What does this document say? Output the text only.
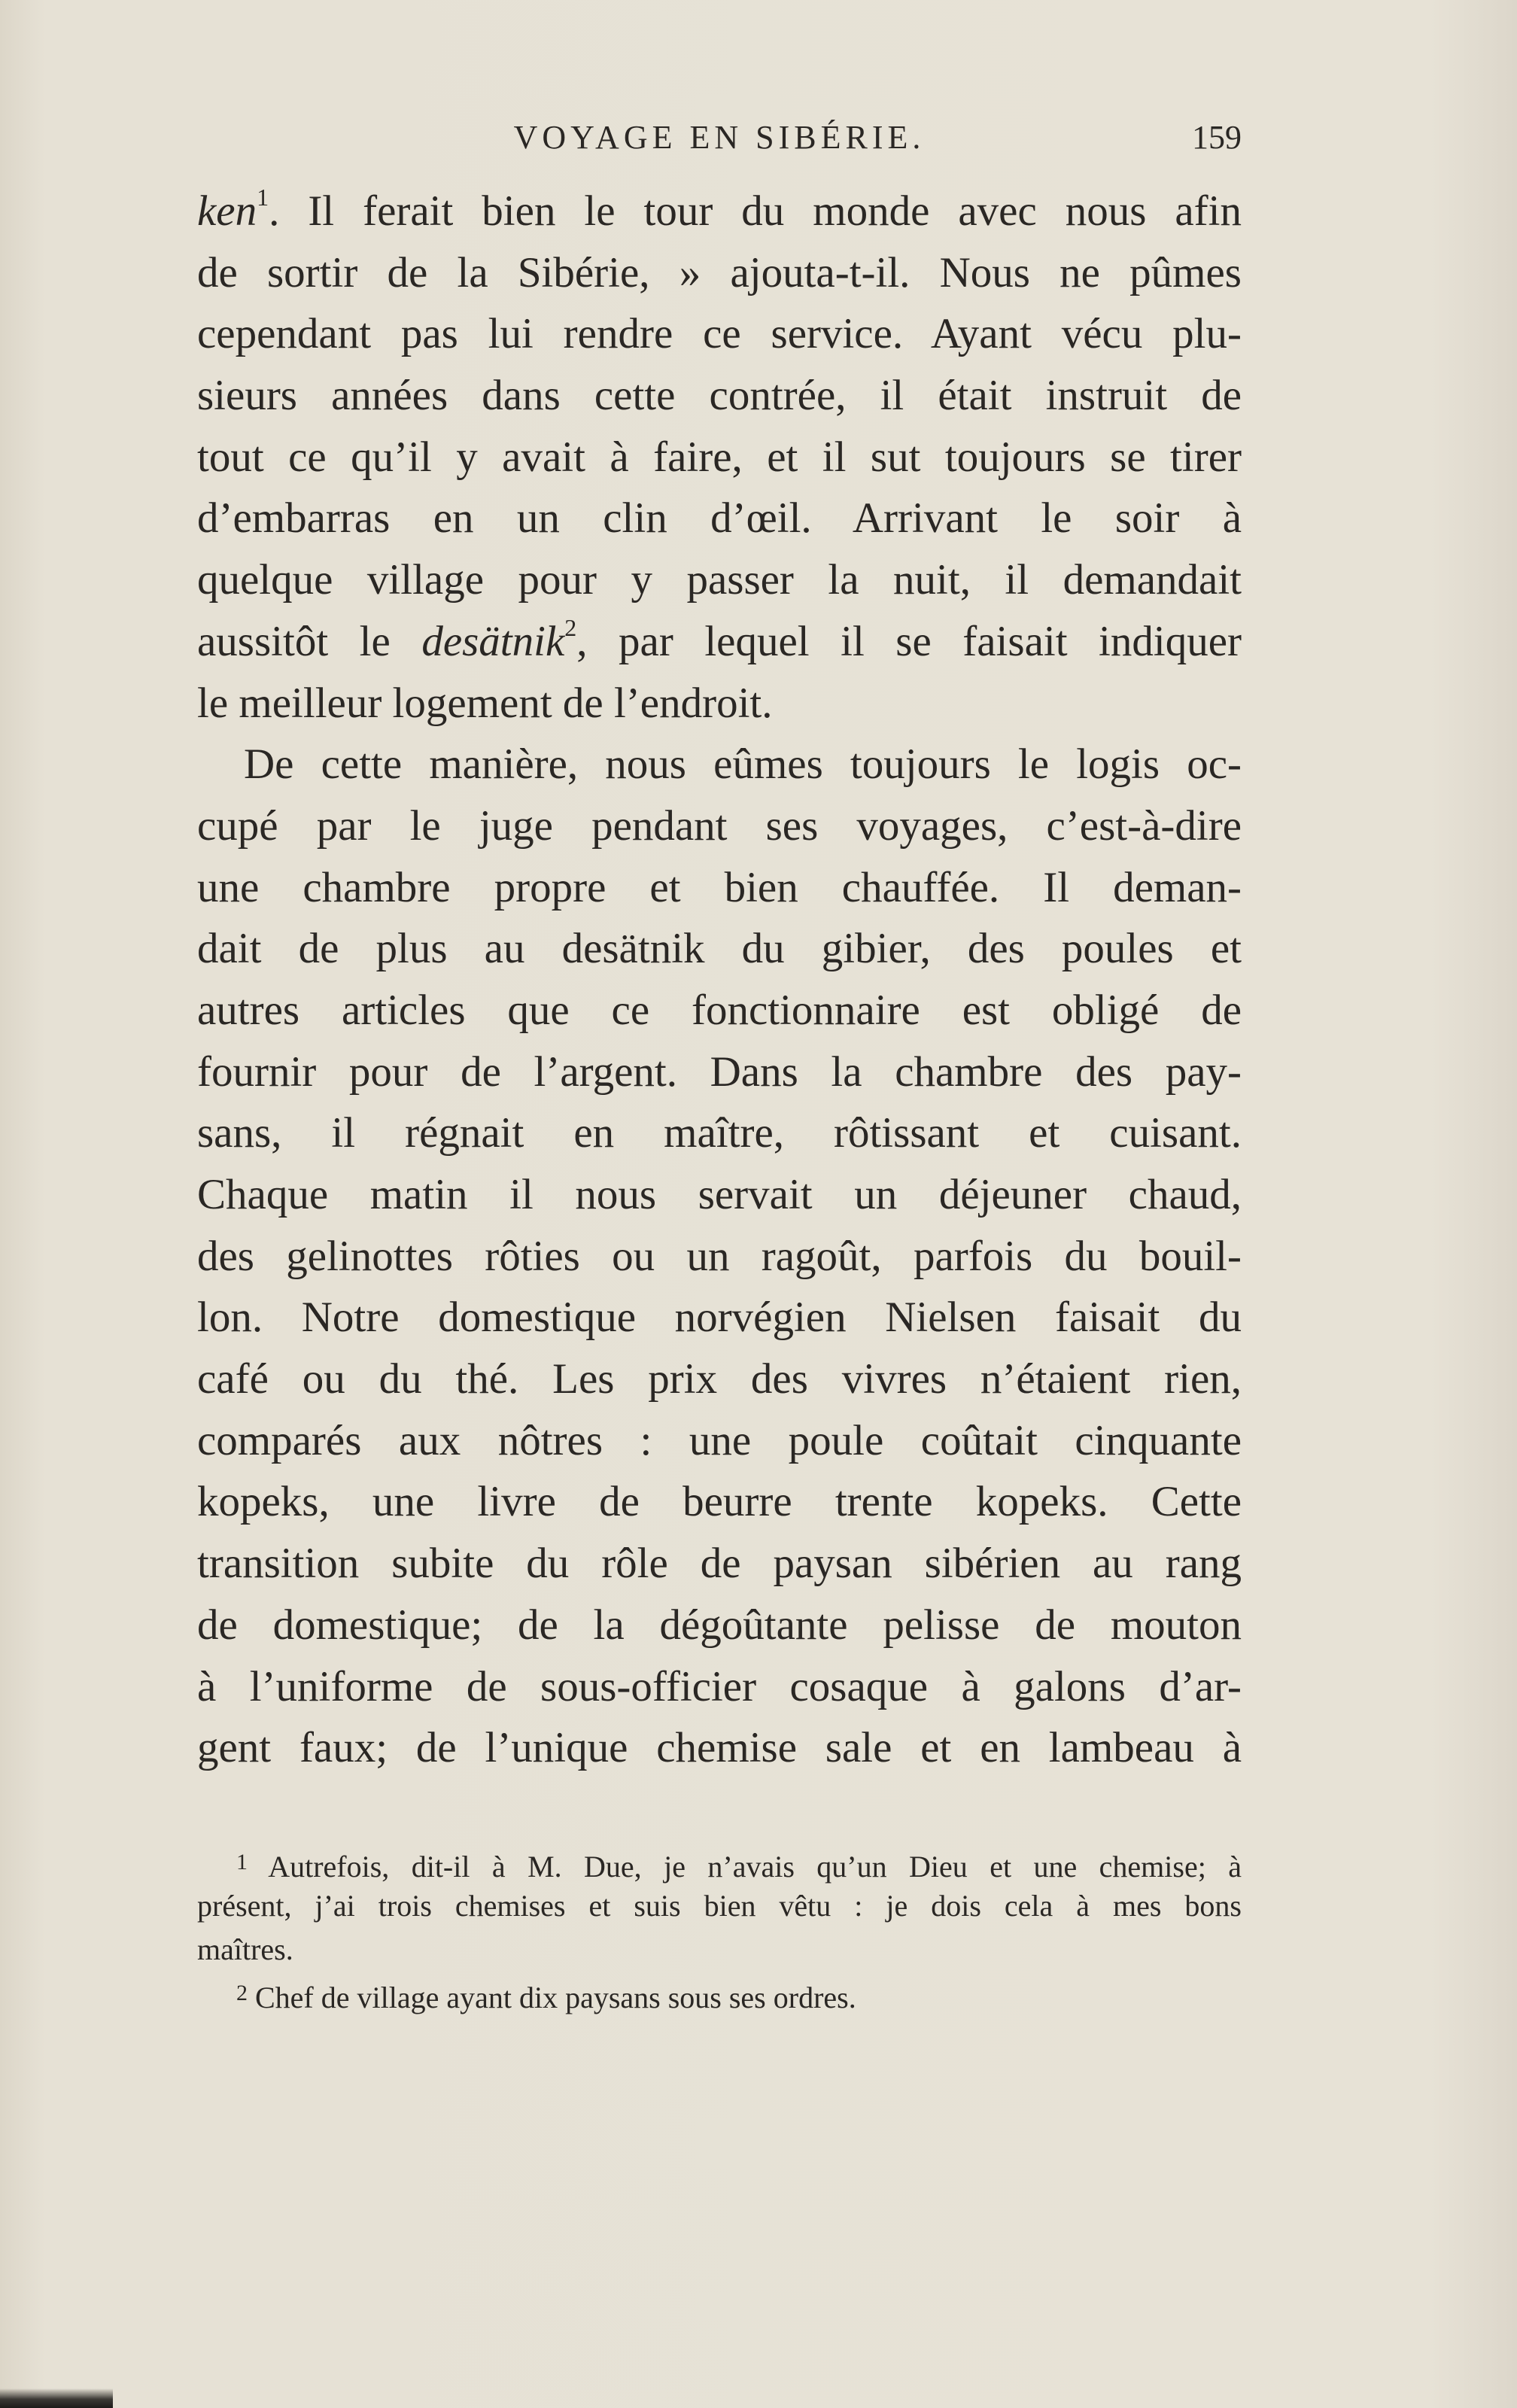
VOYAGE EN SIBÉRIE.	159
ken$^1$. Il ferait bien le tour du monde avec nous afin
de sortir de la Sibérie, » ajouta-t-il. Nous ne pûmes
cependant pas lui rendre ce service. Ayant vécu plu-
sieurs années dans cette contrée, il était instruit de
tout ce qu’il y avait à faire, et il sut toujours se tirer
d’embarras en un clin d’œil. Arrivant le soir à
quelque village pour y passer la nuit, il demandait
aussitôt le desätnik$^2$, par lequel il se faisait indiquer
le meilleur logement de l’endroit.
De cette manière, nous eûmes toujours le logis oc-
cupé par le juge pendant ses voyages, c’est-à-dire
une chambre propre et bien chauffée. Il deman-
dait de plus au desätnik du gibier, des poules et
autres articles que ce fonctionnaire est obligé de
fournir pour de l’argent. Dans la chambre des pay-
sans, il régnait en maître, rôtissant et cuisant.
Chaque matin il nous servait un déjeuner chaud,
des gelinottes rôties ou un ragoût, parfois du bouil-
lon. Notre domestique norvégien Nielsen faisait du
café ou du thé. Les prix des vivres n’étaient rien,
comparés aux nôtres : une poule coûtait cinquante
kopeks, une livre de beurre trente kopeks. Cette
transition subite du rôle de paysan sibérien au rang
de domestique; de la dégoûtante pelisse de mouton
à l’uniforme de sous-officier cosaque à galons d’ar-
gent faux; de l’unique chemise sale et en lambeau à
$^1$ Autrefois, dit-il à M. Due, je n’avais qu’un Dieu et une chemise; à
présent, j’ai trois chemises et suis bien vêtu : je dois cela à mes bons
maîtres.
$^2$ Chef de village ayant dix paysans sous ses ordres.
